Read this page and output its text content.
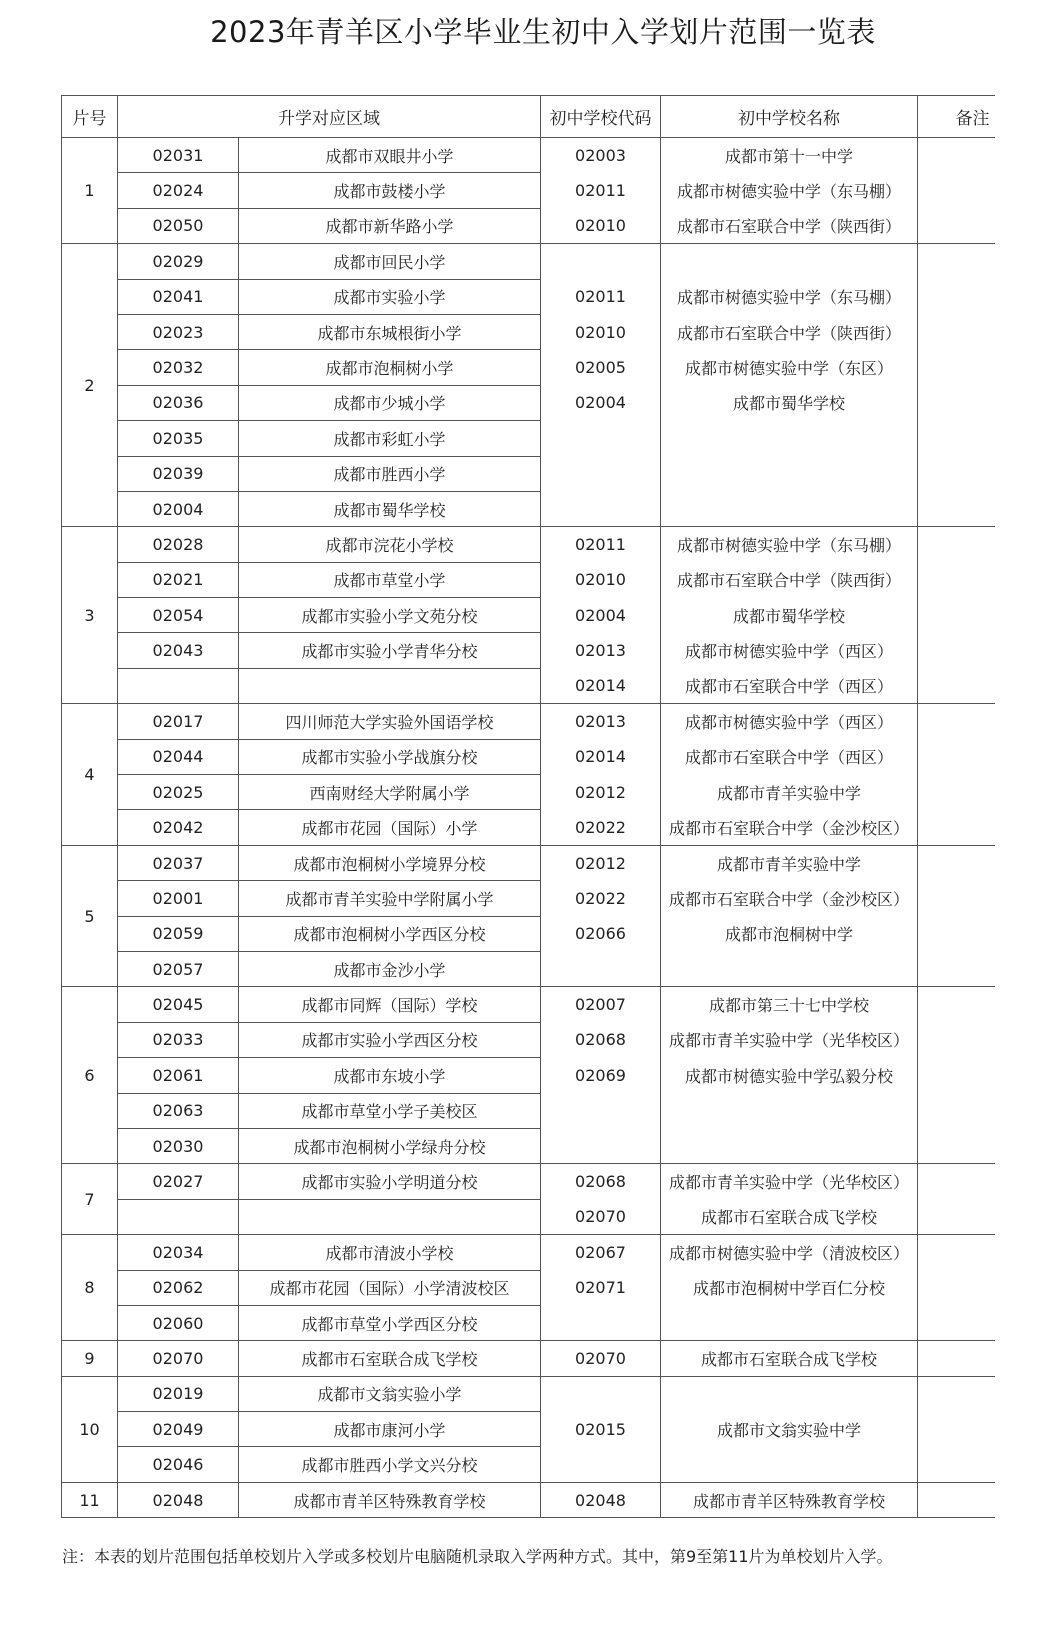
2023年青羊区小学毕业生初中入学划片范围一览表
片号	升学对应区域		初中学校代码	初中学校名称	备注
1	02031	成都市双眼井小学	02003	成都市第十一中学	
	02024	成都市鼓楼小学	02011	成都市树德实验中学（东马棚）	
	02050	成都市新华路小学	02010	成都市石室联合中学（陕西街）	
2	02029	成都市回民小学			
	02041	成都市实验小学	02011	成都市树德实验中学（东马棚）	
	02023	成都市东城根街小学	02010	成都市石室联合中学（陕西街）	
	02032	成都市泡桐树小学	02005	成都市树德实验中学（东区）	
	02036	成都市少城小学	02004	成都市蜀华学校	
	02035	成都市彩虹小学			
	02039	成都市胜西小学			
	02004	成都市蜀华学校			
3	02028	成都市浣花小学校	02011	成都市树德实验中学（东马棚）	
	02021	成都市草堂小学	02010	成都市石室联合中学（陕西街）	
	02054	成都市实验小学文苑分校	02004	成都市蜀华学校	
	02043	成都市实验小学青华分校	02013	成都市树德实验中学（西区）	
			02014	成都市石室联合中学（西区）	
4	02017	四川师范大学实验外国语学校	02013	成都市树德实验中学（西区）	
	02044	成都市实验小学战旗分校	02014	成都市石室联合中学（西区）	
	02025	西南财经大学附属小学	02012	成都市青羊实验中学	
	02042	成都市花园（国际）小学	02022	成都市石室联合中学（金沙校区）	
5	02037	成都市泡桐树小学境界分校	02012	成都市青羊实验中学	
	02001	成都市青羊实验中学附属小学	02022	成都市石室联合中学（金沙校区）	
	02059	成都市泡桐树小学西区分校	02066	成都市泡桐树中学	
	02057	成都市金沙小学			
6	02045	成都市同辉（国际）学校	02007	成都市第三十七中学校	
	02033	成都市实验小学西区分校	02068	成都市青羊实验中学（光华校区）	
	02061	成都市东坡小学	02069	成都市树德实验中学弘毅分校	
	02063	成都市草堂小学子美校区			
	02030	成都市泡桐树小学绿舟分校			
7	02027	成都市实验小学明道分校	02068	成都市青羊实验中学（光华校区）	
			02070	成都市石室联合成飞学校	
8	02034	成都市清波小学校	02067	成都市树德实验中学（清波校区）	
	02062	成都市花园（国际）小学清波校区	02071	成都市泡桐树中学百仁分校	
	02060	成都市草堂小学西区分校			
9	02070	成都市石室联合成飞学校	02070	成都市石室联合成飞学校	
10	02019	成都市文翁实验小学			
	02049	成都市康河小学	02015	成都市文翁实验中学	
	02046	成都市胜西小学文兴分校			
11	02048	成都市青羊区特殊教育学校	02048	成都市青羊区特殊教育学校	
注：本表的划片范围包括单校划片入学或多校划片电脑随机录取入学两种方式。其中，第9至第11片为单校划片入学。
